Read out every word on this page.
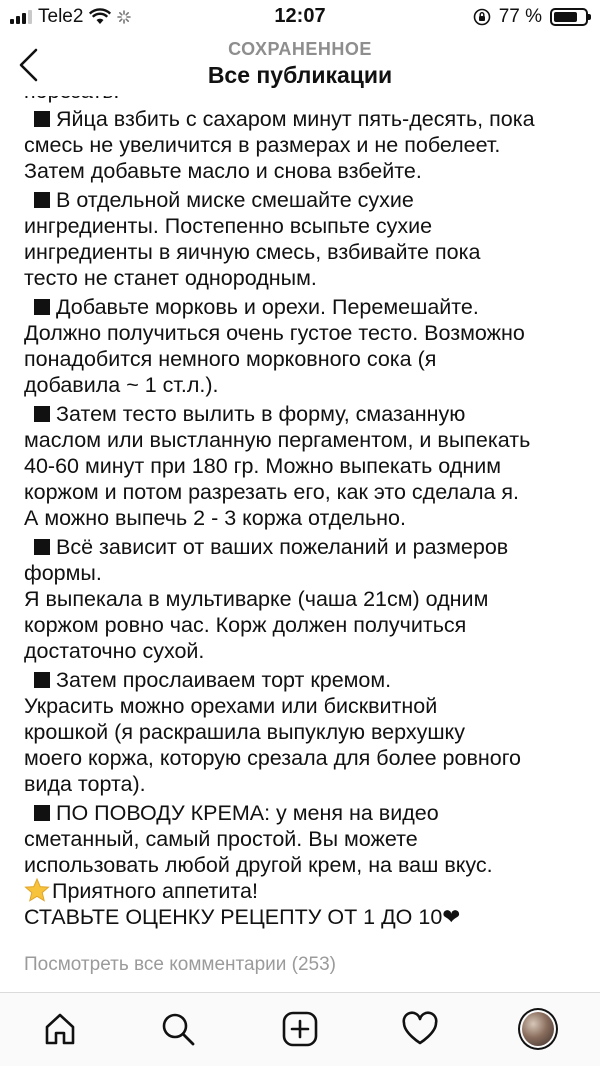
Tele2	12:07	77 %
СОХРАНЕННОЕ
Все публикации
Яйца взбить с сахаром минут пять-десять, пока
смесь не увеличится в размерах и не побелеет.
Затем добавьте масло и снова взбейте.
В отдельной миске смешайте сухие
ингредиенты. Постепенно всыпьте сухие
ингредиенты в яичную смесь, взбивайте пока
тесто не станет однородным.
Добавьте морковь и орехи. Перемешайте.
Должно получиться очень густое тесто. Возможно
понадобится немного морковного сока (я
добавила ~ 1 ст.л.).
Затем тесто вылить в форму, смазанную
маслом или выстланную пергаментом, и выпекать
40-60 минут при 180 гр. Можно выпекать одним
коржом и потом разрезать его, как это сделала я.
А можно выпечь 2 - 3 коржа отдельно.
Всё зависит от ваших пожеланий и размеров
формы.
Я выпекала в мультиварке (чаша 21см) одним
коржом ровно час. Корж должен получиться
достаточно сухой.
Затем прослаиваем торт кремом.
Украсить можно орехами или бисквитной
крошкой (я раскрашила выпуклую верхушку
моего коржа, которую срезала для более ровного
вида торта).
ПО ПОВОДУ КРЕМА: у меня на видео
сметанный, самый простой. Вы можете
использовать любой другой крем, на ваш вкус.
Приятного аппетита!
СТАВЬТЕ ОЦЕНКУ РЕЦЕПТУ ОТ 1 ДО 10❤
Посмотреть все комментарии (253)
